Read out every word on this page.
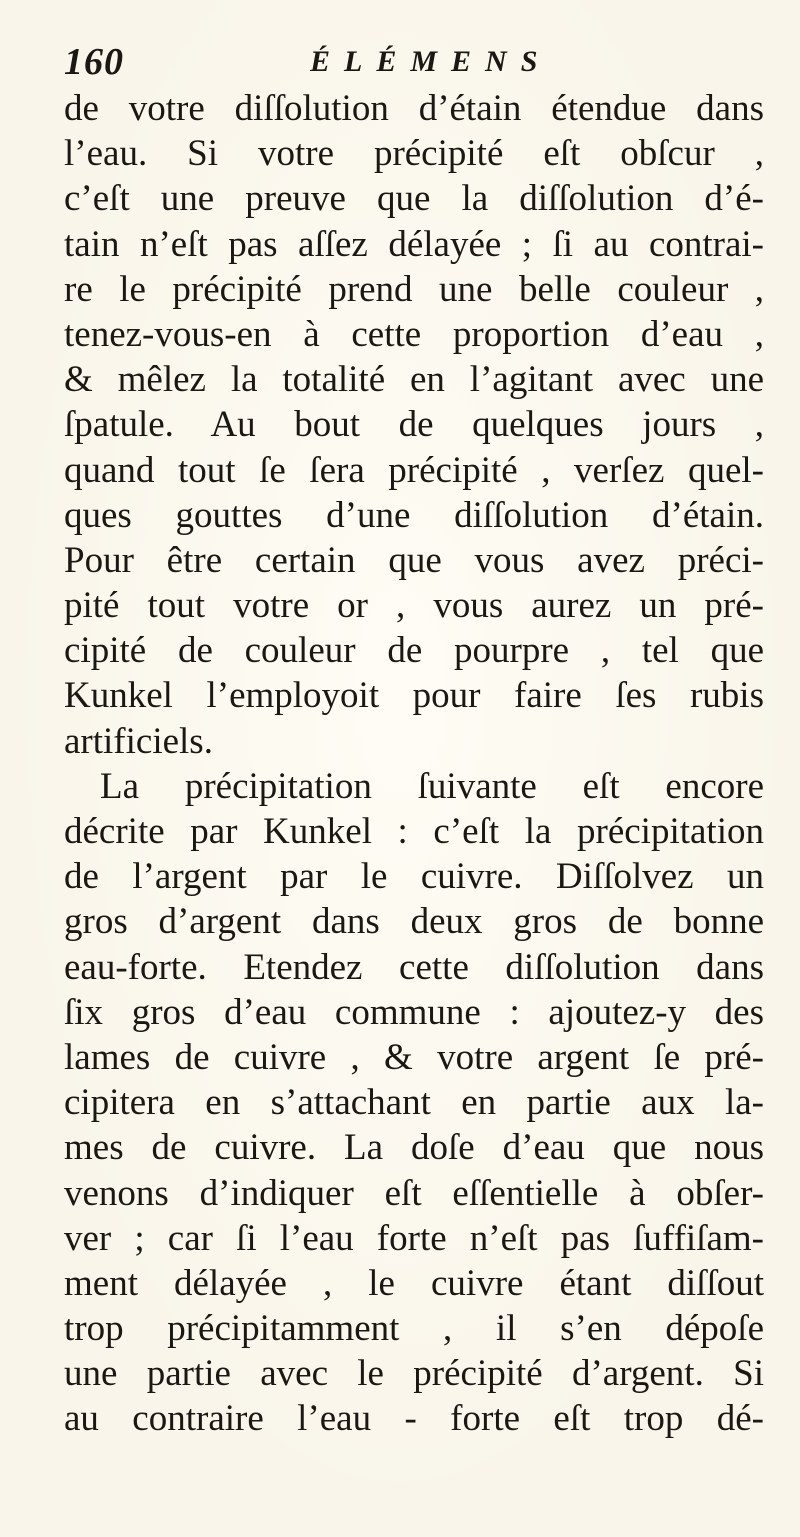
160	ÉLÉMENS
de votre diſſolution d’étain étendue dans
l’eau. Si votre précipité eſt obſcur ,
c’eſt une preuve que la diſſolution d’é-
tain n’eſt pas aſſez délayée ; ſi au contrai-
re le précipité prend une belle couleur ,
tenez-vous-en à cette proportion d’eau ,
& mêlez la totalité en l’agitant avec une
ſpatule. Au bout de quelques jours ,
quand tout ſe ſera précipité , verſez quel-
ques gouttes d’une diſſolution d’étain.
Pour être certain que vous avez préci-
pité tout votre or , vous aurez un pré-
cipité de couleur de pourpre , tel que
Kunkel l’employoit pour faire ſes rubis
artificiels.
La précipitation ſuivante eſt encore
décrite par Kunkel : c’eſt la précipitation
de l’argent par le cuivre. Diſſolvez un
gros d’argent dans deux gros de bonne
eau-forte. Etendez cette diſſolution dans
ſix gros d’eau commune : ajoutez-y des
lames de cuivre , & votre argent ſe pré-
cipitera en s’attachant en partie aux la-
mes de cuivre. La doſe d’eau que nous
venons d’indiquer eſt eſſentielle à obſer-
ver ; car ſi l’eau forte n’eſt pas ſuffiſam-
ment délayée , le cuivre étant diſſout
trop précipitamment , il s’en dépoſe
une partie avec le précipité d’argent. Si
au contraire l’eau - forte eſt trop dé-
